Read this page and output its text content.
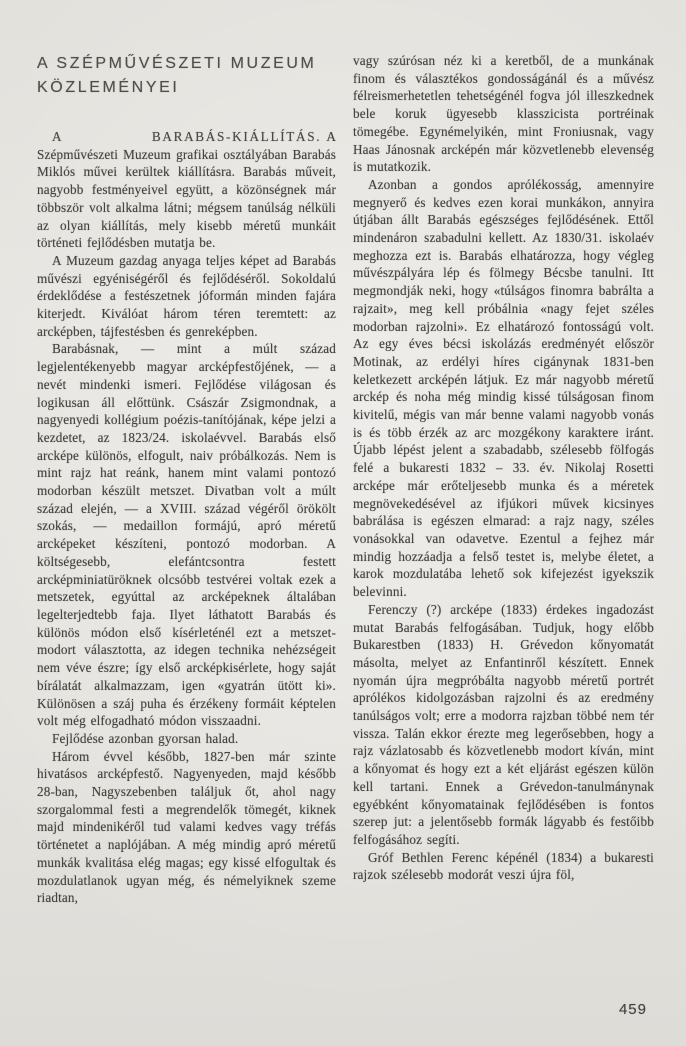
A SZÉPMŰVÉSZETI MUZEUM KÖZLEMÉNYEI

A BARABÁS-KIÁLLÍTÁS. A Szépművészeti Muzeum grafikai osztályában Barabás Miklós művei kerültek kiállításra. Barabás műveit, nagyobb festményeivel együtt, a közönségnek már többször volt alkalma látni; mégsem tanúlság nélküli az olyan kiállítás, mely kisebb méretű munkáit történeti fejlődésben mutatja be.

A Muzeum gazdag anyaga teljes képet ad Barabás művészi egyéniségéről és fejlődéséről. Sokoldalú érdeklődése a festészetnek jóformán minden fajára kiterjedt. Kiválóat három téren teremtett: az arcképben, tájfestésben és genreképben.

Barabásnak, — mint a múlt század legjelentékenyebb magyar arcképfestőjének, — a nevét mindenki ismeri. Fejlődése világosan és logikusan áll előttünk. Császár Zsigmondnak, a nagyenyedi kollégium poézis-tanítójának, képe jelzi a kezdetet, az 1823/24. iskolaévvel. Barabás első arcképe különös, elfogult, naiv próbálkozás. Nem is mint rajz hat reánk, hanem mint valami pontozó modorban készült metszet. Divatban volt a múlt század elején, — a XVIII. század végéről örökölt szokás, — medaillon formájú, apró méretű arcképeket készíteni, pontozó modorban. A költségesebb, elefántcsontra festett arcképminiatüröknek olcsóbb testvérei voltak ezek a metszetek, egyúttal az arcképeknek általában legelterjedtebb faja. Ilyet láthatott Barabás és különös módon első kísérleténél ezt a metszet-modort választotta, az idegen technika nehézségeit nem véve észre; így első arcképkisérlete, hogy saját bírálatát alkalmazzam, igen «gyatrán ütött ki». Különösen a száj puha és érzékeny formáit képtelen volt még elfogadható módon visszaadni.

Fejlődése azonban gyorsan halad.

Három évvel később, 1827-ben már szinte hivatásos arcképfestő. Nagyenyeden, majd később 28-ban, Nagyszebenben találjuk őt, ahol nagy szorgalommal festi a megrendelők tömegét, kiknek majd mindenikéről tud valami kedves vagy tréfás történetet a naplójában. A még mindig apró méretű munkák kvalitása elég magas; egy kissé elfogultak és mozdulatlanok ugyan még, és némelyiknek szeme riadtan,

vagy szúrósan néz ki a keretből, de a munkának finom és választékos gondosságánál és a művész félreismerhetetlen tehetségénél fogva jól illeszkednek bele koruk ügyesebb klasszicista portréinak tömegébe. Egynémelyikén, mint Froniusnak, vagy Haas Jánosnak arcképén már közvetlenebb elevenség is mutatkozik.

Azonban a gondos aprólékosság, amennyire megnyerő és kedves ezen korai munkákon, annyira útjában állt Barabás egészséges fejlődésének. Ettől mindenáron szabadulni kellett. Az 1830/31. iskolaév meghozza ezt is. Barabás elhatározza, hogy végleg művészpályára lép és fölmegy Bécsbe tanulni. Itt megmondják neki, hogy «túlságos finomra babrálta a rajzait», meg kell próbálnia «nagy fejet széles modorban rajzolni». Ez elhatározó fontosságú volt. Az egy éves bécsi iskolázás eredményét először Motinak, az erdélyi híres cigánynak 1831-ben keletkezett arcképén látjuk. Ez már nagyobb méretű arckép és noha még mindig kissé túlságosan finom kivitelű, mégis van már benne valami nagyobb vonás is és több érzék az arc mozgékony karaktere iránt. Újabb lépést jelent a szabadabb, szélesebb fölfogás felé a bukaresti 1832 – 33. év. Nikolaj Rosetti arcképe már erőteljesebb munka és a méretek megnövekedésével az ifjúkori művek kicsinyes babrálása is egészen elmarad: a rajz nagy, széles vonásokkal van odavetve. Ezentul a fejhez már mindig hozzáadja a felső testet is, melybe életet, a karok mozdulatába lehető sok kifejezést igyekszik belevinni.

Ferenczy (?) arcképe (1833) érdekes ingadozást mutat Barabás felfogásában. Tudjuk, hogy előbb Bukarestben (1833) H. Grévedon kőnyomatát másolta, melyet az Enfantinről készített. Ennek nyomán újra megpróbálta nagyobb méretű portrét aprólékos kidolgozásban rajzolni és az eredmény tanúlságos volt; erre a modorra rajzban többé nem tér vissza. Talán ekkor érezte meg legerősebben, hogy a rajz vázlatosabb és közvetlenebb modort kíván, mint a kőnyomat és hogy ezt a két eljárást egészen külön kell tartani. Ennek a Grévedon-tanulmánynak egyébként kőnyomatainak fejlődésében is fontos szerep jut: a jelentősebb formák lágyabb és festőibb felfogásához segíti.

Gróf Bethlen Ferenc képénél (1834) a bukaresti rajzok szélesebb modorát veszi újra föl,

459
